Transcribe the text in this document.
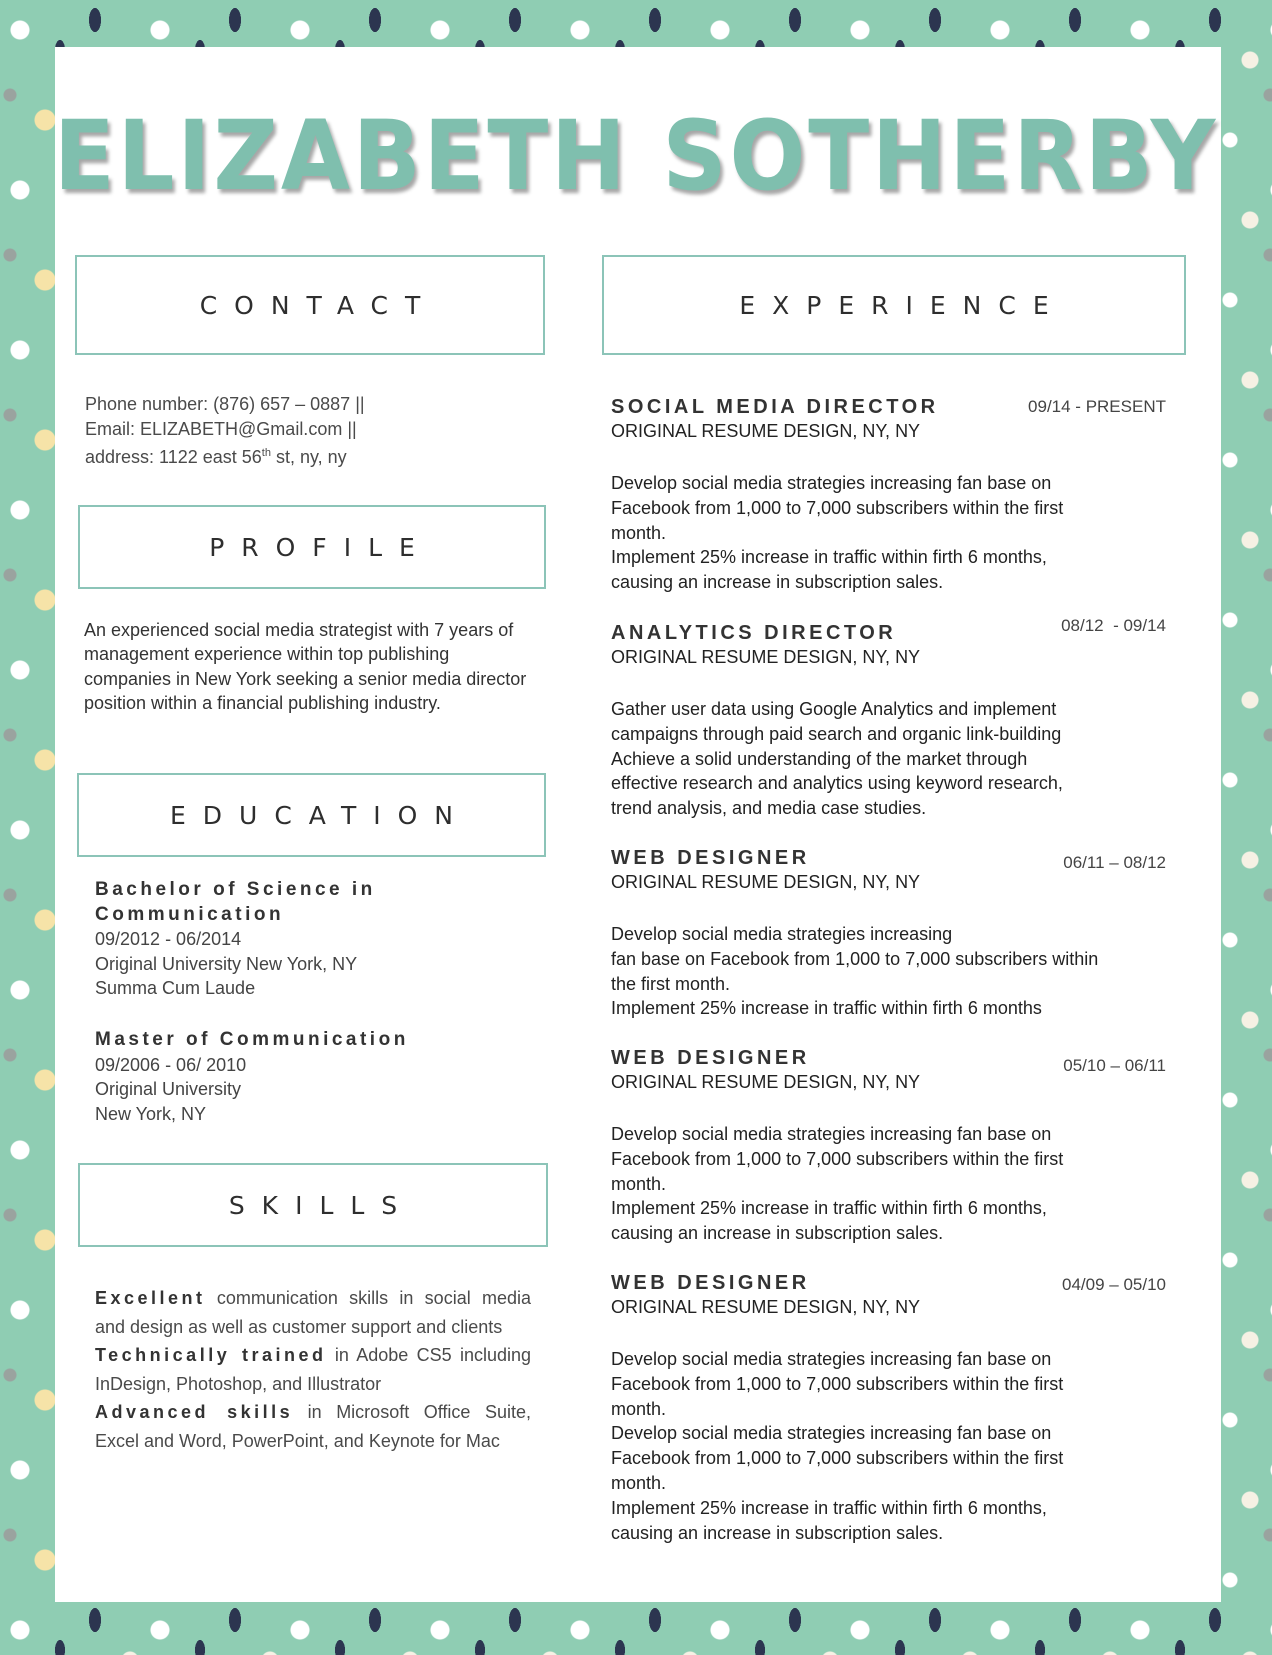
ELIZABETH SOTHERBY
CONTACT
Phone number: (876) 657 – 0887 ||
Email: ELIZABETH@Gmail.com ||
address: 1122 east 56th st, ny, ny
PROFILE
An experienced social media strategist with 7 years of management experience within top publishing companies in New York seeking a senior media director position within a financial publishing industry.
EDUCATION
Bachelor of Science in
Communication
09/2012 - 06/2014
Original University New York, NY
Summa Cum Laude
Master of Communication
09/2006 - 06/ 2010
Original University
New York, NY
SKILLS

Excellent communication skills in social media and design as well as customer support and clients

Technically trained in Adobe CS5 including InDesign, Photoshop, and Illustrator

Advanced skills in Microsoft Office Suite, Excel and Word, PowerPoint, and Keynote for Mac

EXPERIENCE
SOCIAL MEDIA DIRECTOR	09/14 - PRESENT
ORIGINAL RESUME DESIGN, NY, NY
Develop social media strategies increasing fan base on
Facebook from 1,000 to 7,000 subscribers within the first
month.
Implement 25% increase in traffic within firth 6 months,
causing an increase in subscription sales.
ANALYTICS DIRECTOR	08/12  - 09/14
ORIGINAL RESUME DESIGN, NY, NY
Gather user data using Google Analytics and implement
campaigns through paid search and organic link-building
Achieve a solid understanding of the market through
effective research and analytics using keyword research,
trend analysis, and media case studies.
WEB DESIGNER	06/11 – 08/12
ORIGINAL RESUME DESIGN, NY, NY
Develop social media strategies increasing
fan base on Facebook from 1,000 to 7,000 subscribers within
the first month.
Implement 25% increase in traffic within firth 6 months
WEB DESIGNER	05/10 – 06/11
ORIGINAL RESUME DESIGN, NY, NY
Develop social media strategies increasing fan base on
Facebook from 1,000 to 7,000 subscribers within the first
month.
Implement 25% increase in traffic within firth 6 months,
causing an increase in subscription sales.
WEB DESIGNER	04/09 – 05/10
ORIGINAL RESUME DESIGN, NY, NY
Develop social media strategies increasing fan base on
Facebook from 1,000 to 7,000 subscribers within the first
month.
Develop social media strategies increasing fan base on
Facebook from 1,000 to 7,000 subscribers within the first
month.
Implement 25% increase in traffic within firth 6 months,
causing an increase in subscription sales.
